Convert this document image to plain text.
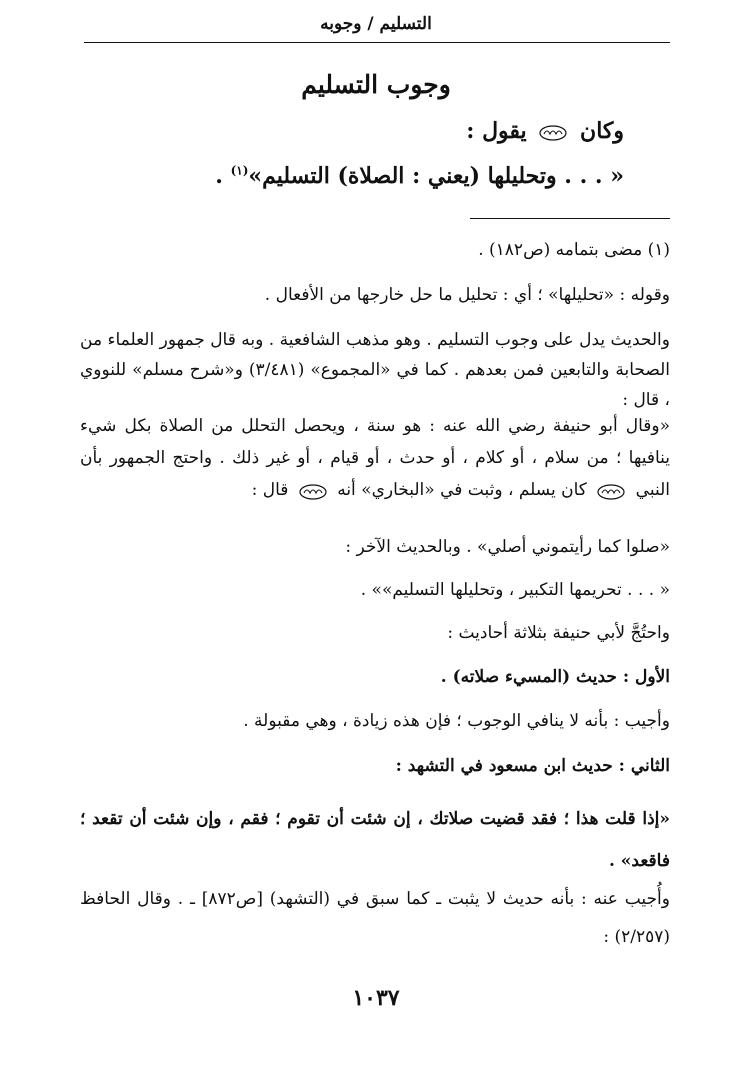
التسليم / وجوبه
وجوب التسليم
وكان  يقول :
« . . . وتحليلها (يعني : الصلاة) التسليم»$^{(١)}$ .
(١) مضى بتمامه (ص١٨٢) .
وقوله : «تحليلها» ؛ أي : تحليل ما حل خارجها من الأفعال .
والحديث يدل على وجوب التسليم . وهو مذهب الشافعية . وبه قال جمهور العلماء من الصحابة والتابعين فمن بعدهم . كما في «المجموع» (٣/٤٨١) و«شرح مسلم» للنووي ، قال :
«وقال أبو حنيفة رضي الله عنه : هو سنة ، ويحصل التحلل من الصلاة بكل شيء ينافيها ؛ من سلام ، أو كلام ، أو حدث ، أو قيام ، أو غير ذلك . واحتج الجمهور بأن النبي  كان يسلم ، وثبت في «البخاري» أنه  قال :
«صلوا كما رأيتموني أصلي» . وبالحديث الآخر :
« . . . تحريمها التكبير ، وتحليلها التسليم»» .
واحتُجَّ لأبي حنيفة بثلاثة أحاديث :
الأول : حديث (المسيء صلاته) .
وأجيب : بأنه لا ينافي الوجوب ؛ فإن هذه زيادة ، وهي مقبولة .
الثاني : حديث ابن مسعود في التشهد :
«إذا قلت هذا ؛ فقد قضيت صلاتك ، إن شئت أن تقوم ؛ فقم ، وإن شئت أن تقعد ؛ فاقعد» .
وأُجيب عنه : بأنه حديث لا يثبت ـ كما سبق في (التشهد) [ص٨٧٢] ـ . وقال الحافظ (٢/٢٥٧) :
١٠٣٧
